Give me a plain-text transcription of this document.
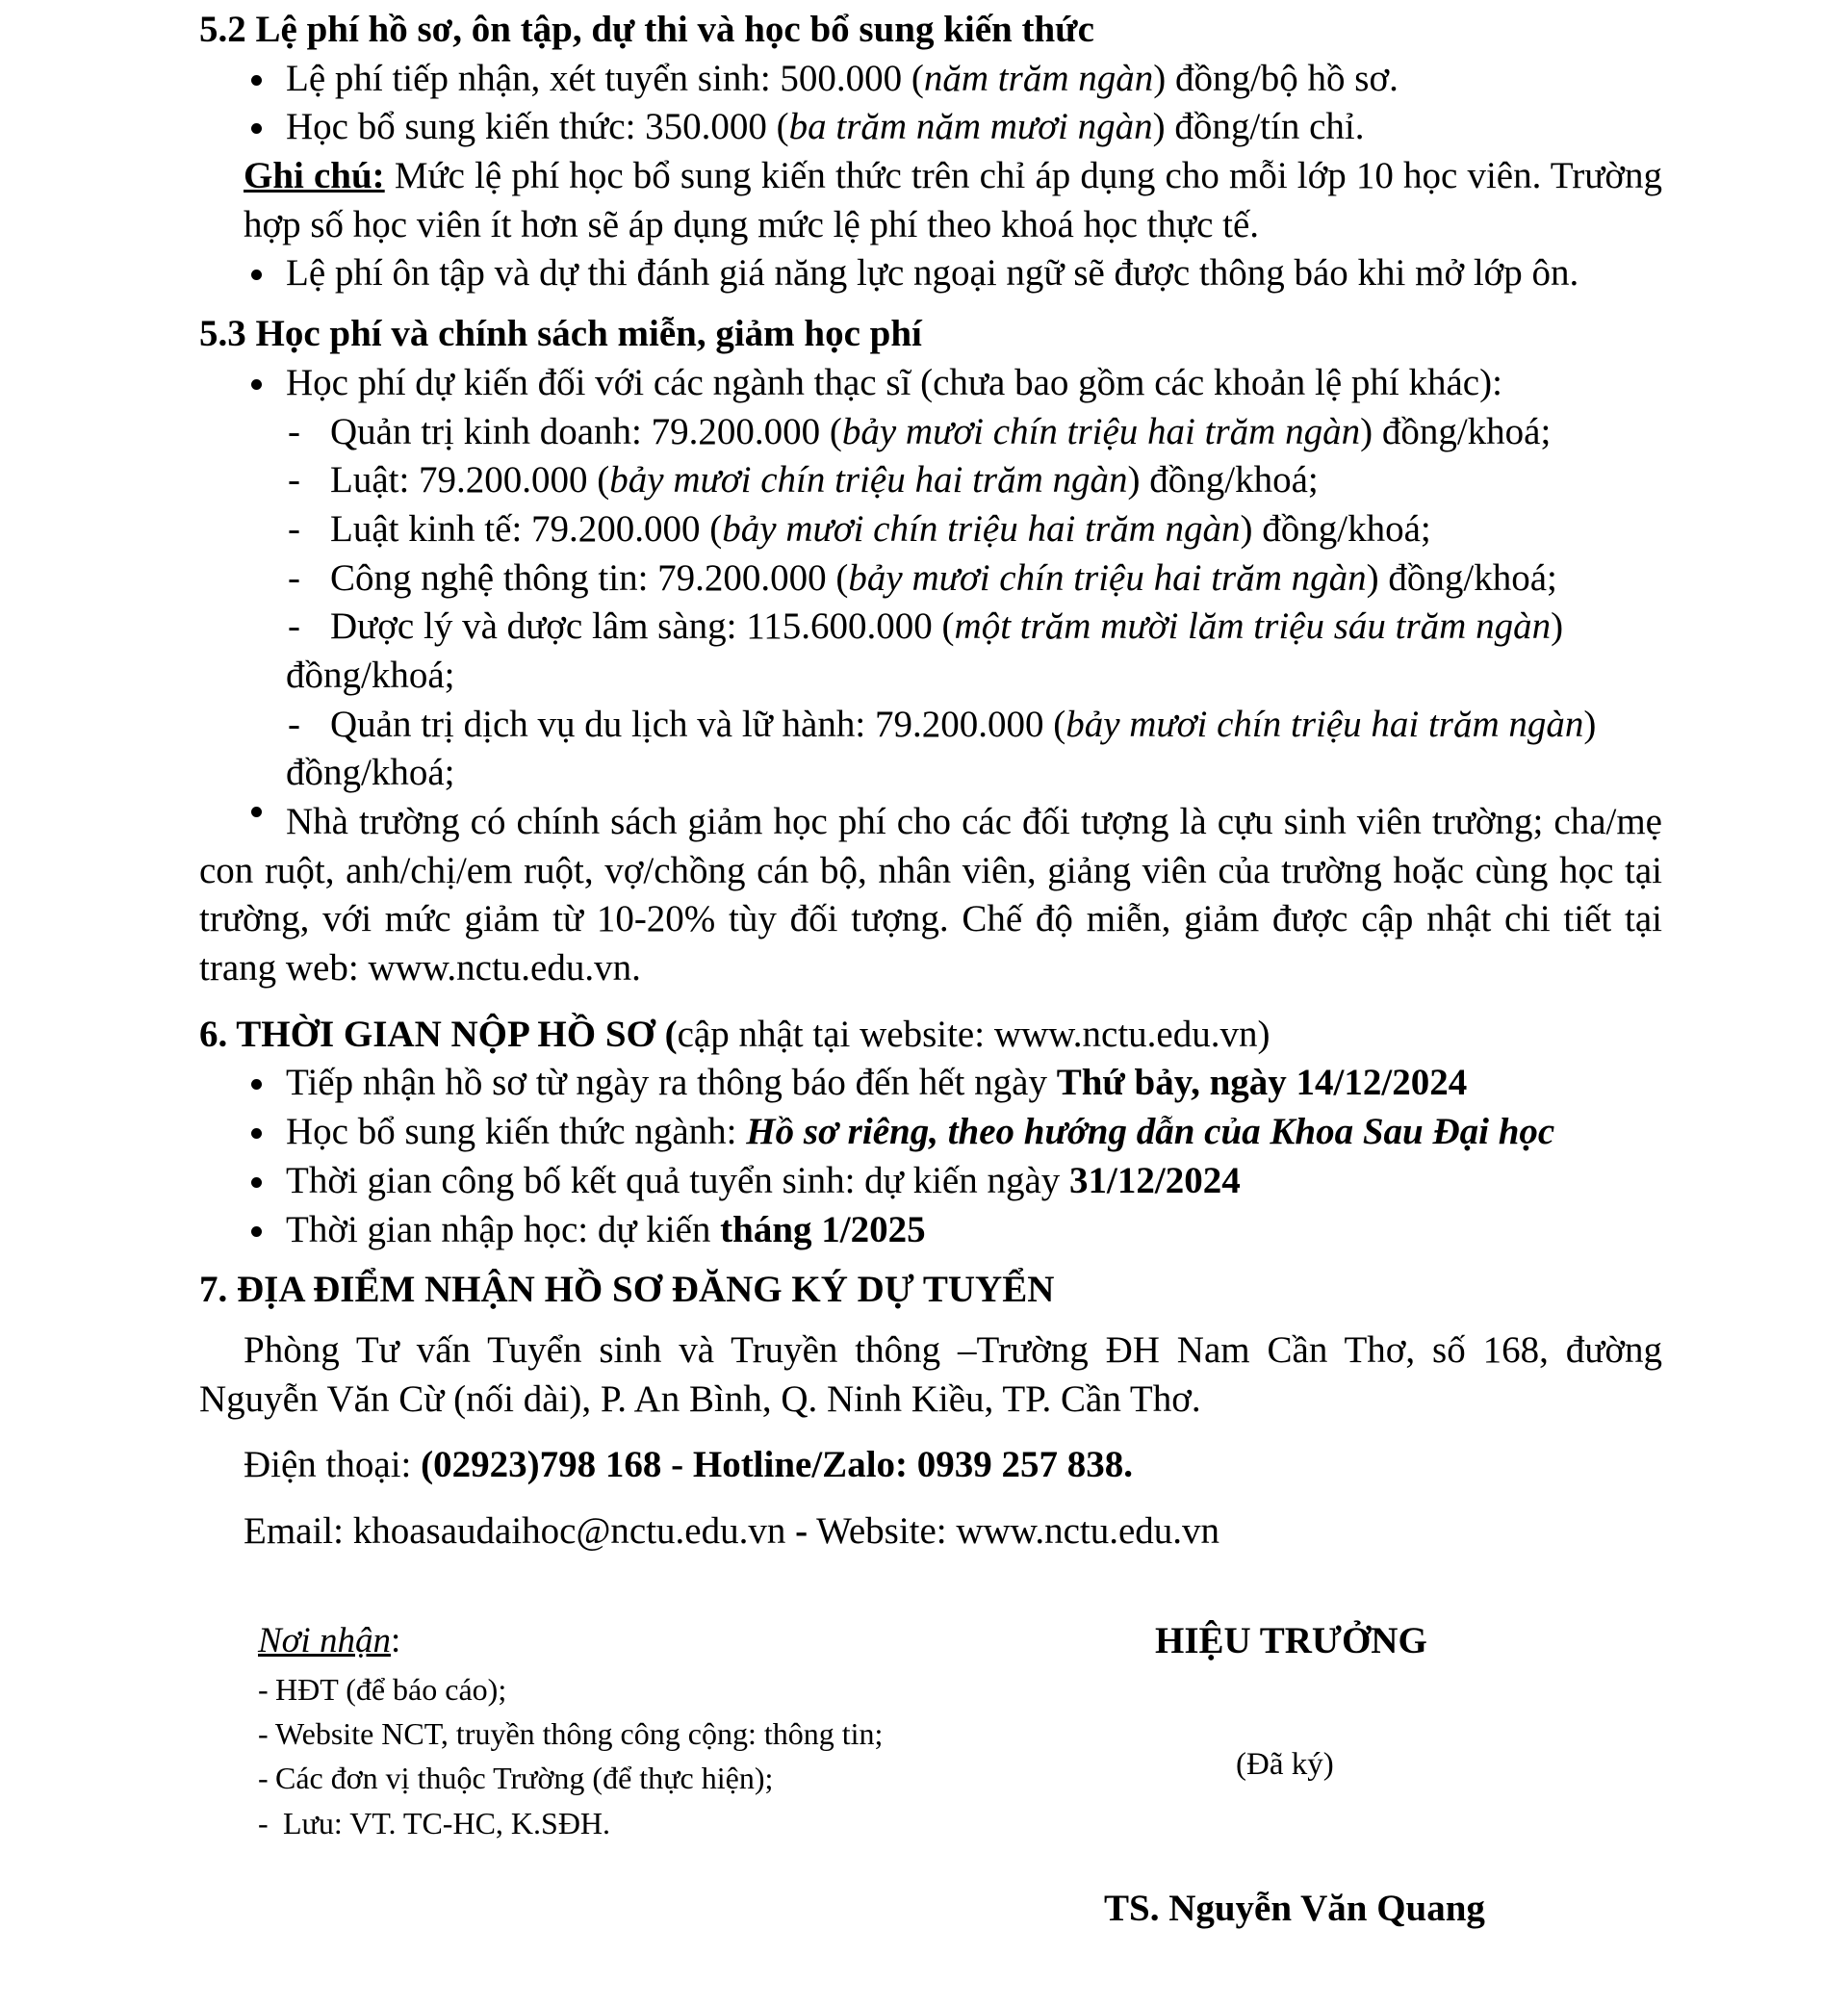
5.2 Lệ phí hồ sơ, ôn tập, dự thi và học bổ sung kiến thức

Lệ phí tiếp nhận, xét tuyển sinh: 500.000 (năm trăm ngàn) đồng/bộ hồ sơ.

Học bổ sung kiến thức: 350.000 (ba trăm năm mươi ngàn) đồng/tín chỉ.

Ghi chú: Mức lệ phí học bổ sung kiến thức trên chỉ áp dụng cho mỗi lớp 10 học viên. Trường hợp số học viên ít hơn sẽ áp dụng mức lệ phí theo khoá học thực tế.

Lệ phí ôn tập và dự thi đánh giá năng lực ngoại ngữ sẽ được thông báo khi mở lớp ôn.

5.3 Học phí và chính sách miễn, giảm học phí

Học phí dự kiến đối với các ngành thạc sĩ (chưa bao gồm các khoản lệ phí khác):

- Quản trị kinh doanh: 79.200.000 (bảy mươi chín triệu hai trăm ngàn) đồng/khoá;
- Luật: 79.200.000 (bảy mươi chín triệu hai trăm ngàn) đồng/khoá;
- Luật kinh tế: 79.200.000 (bảy mươi chín triệu hai trăm ngàn) đồng/khoá;
- Công nghệ thông tin: 79.200.000 (bảy mươi chín triệu hai trăm ngàn) đồng/khoá;
- Dược lý và dược lâm sàng: 115.600.000 (một trăm mười lăm triệu sáu trăm ngàn)
đồng/khoá;
- Quản trị dịch vụ du lịch và lữ hành: 79.200.000 (bảy mươi chín triệu hai trăm ngàn)
đồng/khoá;

Nhà trường có chính sách giảm học phí cho các đối tượng là cựu sinh viên trường; cha/mẹ con ruột, anh/chị/em ruột, vợ/chồng cán bộ, nhân viên, giảng viên của trường hoặc cùng học tại trường, với mức giảm từ 10-20% tùy đối tượng. Chế độ miễn, giảm được cập nhật chi tiết tại trang web: www.nctu.edu.vn.

6. THỜI GIAN NỘP HỒ SƠ (cập nhật tại website: www.nctu.edu.vn)

Tiếp nhận hồ sơ từ ngày ra thông báo đến hết ngày Thứ bảy, ngày 14/12/2024

Học bổ sung kiến thức ngành: Hồ sơ riêng, theo hướng dẫn của Khoa Sau Đại học

Thời gian công bố kết quả tuyển sinh: dự kiến ngày 31/12/2024

Thời gian nhập học: dự kiến tháng 1/2025

7. ĐỊA ĐIỂM NHẬN HỒ SƠ ĐĂNG KÝ DỰ TUYỂN

Phòng Tư vấn Tuyển sinh và Truyền thông –Trường ĐH Nam Cần Thơ, số 168, đường Nguyễn Văn Cừ (nối dài), P. An Bình, Q. Ninh Kiều, TP. Cần Thơ.

Điện thoại: (02923)798 168 - Hotline/Zalo: 0939 257 838.

Email: khoasaudaihoc@nctu.edu.vn - Website: www.nctu.edu.vn

Nơi nhận:
- HĐT (để báo cáo);
- Website NCT, truyền thông công cộng: thông tin;
- Các đơn vị thuộc Trường (để thực hiện);
- Lưu: VT. TC-HC, K.SĐH.
HIỆU TRƯỞNG
(Đã ký)
TS. Nguyễn Văn Quang
